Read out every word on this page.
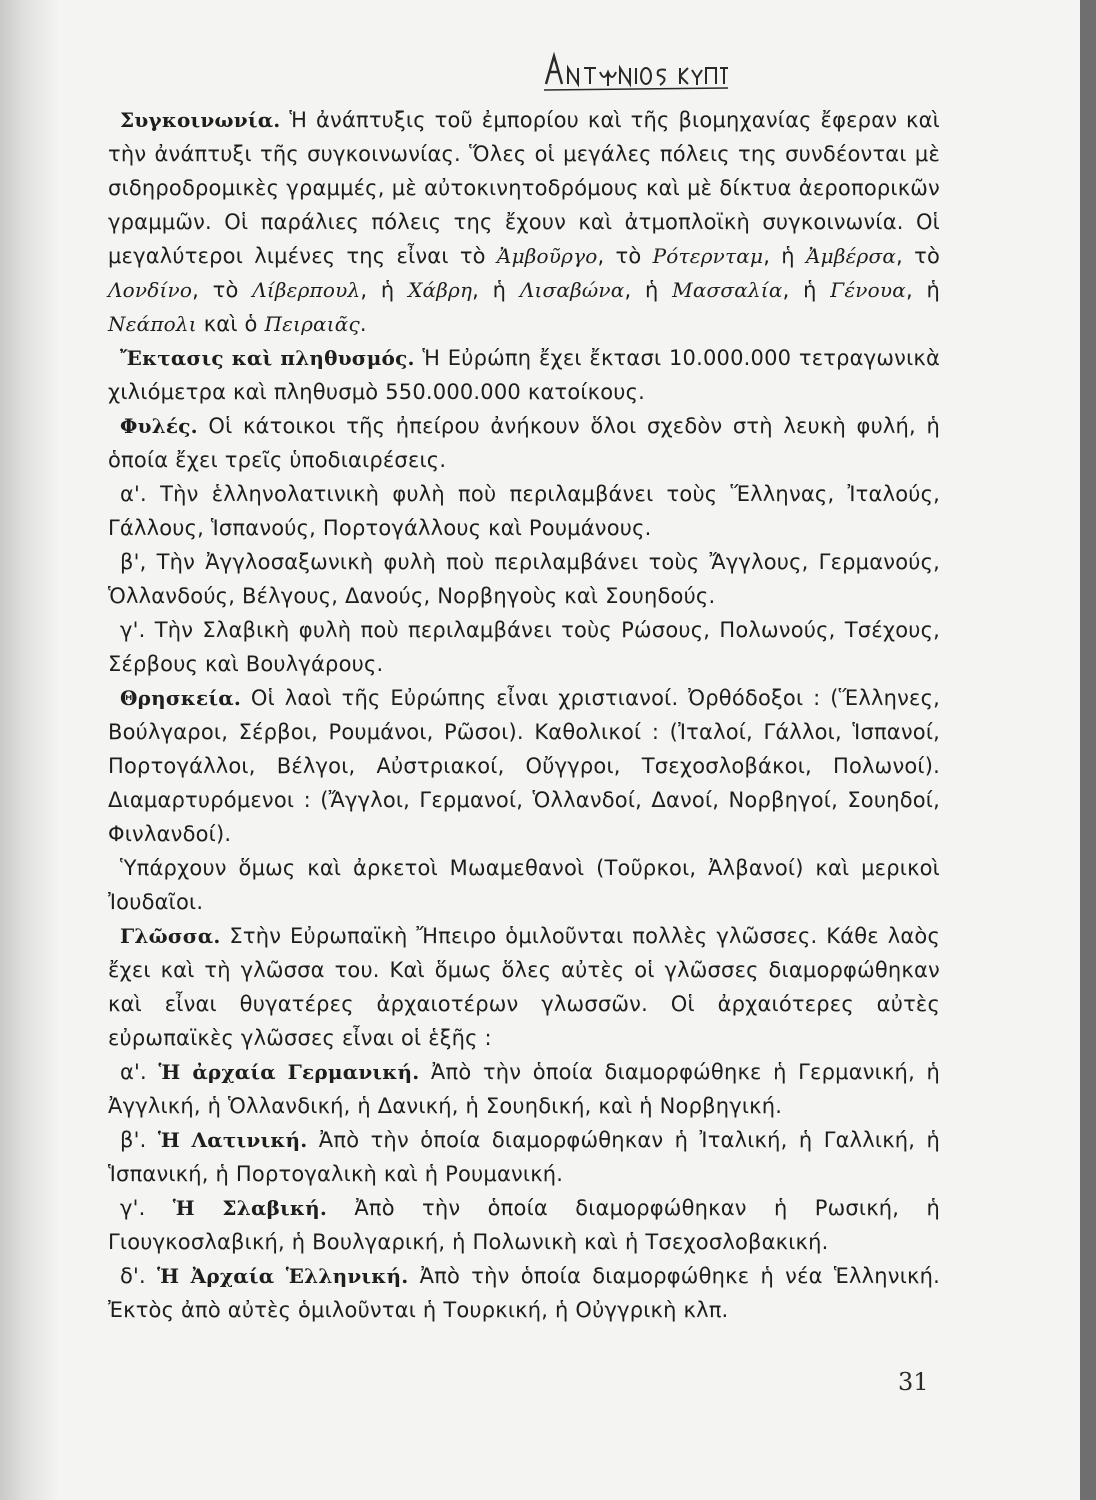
Συγκοινωνία. Ἡ ἀνάπτυξις τοῦ ἐμπορίου καὶ τῆς βιομηχανίας ἔφεραν καὶ τὴν ἀνάπτυξι τῆς συγκοινωνίας. Ὅλες οἱ μεγάλες πόλεις της συνδέονται μὲ σιδηροδρομικὲς γραμμές, μὲ αὐτοκινητοδρόμους καὶ μὲ δίκτυα ἀεροπορικῶν γραμμῶν. Οἱ παράλιες πόλεις της ἔχουν καὶ ἀτμοπλοϊκὴ συγκοινωνία. Οἱ μεγαλύτεροι λιμένες της εἶναι τὸ Ἀμβοῦργο, τὸ Ρότερνταμ, ἡ Ἀμβέρσα, τὸ Λονδίνο, τὸ Λίβερπουλ, ἡ Χάβρη, ἡ Λισαβώνα, ἡ Μασσαλία, ἡ Γένουα, ἡ Νεάπολι καὶ ὁ Πειραιᾶς.

Ἔκτασις καὶ πληθυσμός. Ἡ Εὐρώπη ἔχει ἔκτασι 10.000.000 τετραγωνικὰ χιλιόμετρα καὶ πληθυσμὸ 550.000.000 κατοίκους.

Φυλές. Οἱ κάτοικοι τῆς ἠπείρου ἀνήκουν ὅλοι σχεδὸν στὴ λευκὴ φυλή, ἡ ὁποία ἔχει τρεῖς ὑποδιαιρέσεις.

α'. Τὴν ἑλληνολατινικὴ φυλὴ ποὺ περιλαμβάνει τοὺς Ἕλληνας, Ἰταλούς, Γάλλους, Ἱσπανούς, Πορτογάλλους καὶ Ρουμάνους.

β', Τὴν Ἀγγλοσαξωνικὴ φυλὴ ποὺ περιλαμβάνει τοὺς Ἄγγλους, Γερμανούς, Ὁλλανδούς, Βέλγους, Δανούς, Νορβηγοὺς καὶ Σουηδούς.

γ'. Τὴν Σλαβικὴ φυλὴ ποὺ περιλαμβάνει τοὺς Ρώσους, Πολωνούς, Τσέχους, Σέρβους καὶ Βουλγάρους.

Θρησκεία. Οἱ λαοὶ τῆς Εὐρώπης εἶναι χριστιανοί. Ὀρθόδοξοι : (Ἕλληνες, Βούλγαροι, Σέρβοι, Ρουμάνοι, Ρῶσοι). Καθολικοί : (Ἰταλοί, Γάλλοι, Ἱσπανοί, Πορτογάλλοι, Βέλγοι, Αὐστριακοί, Οὔγγροι, Τσεχοσλοβάκοι, Πολωνοί). Διαμαρτυρόμενοι : (Ἄγγλοι, Γερμανοί, Ὁλλανδοί, Δανοί, Νορβηγοί, Σουηδοί, Φινλανδοί).

Ὑπάρχουν ὅμως καὶ ἀρκετοὶ Μωαμεθανοὶ (Τοῦρκοι, Ἀλβανοί) καὶ μερικοὶ Ἰουδαῖοι.

Γλῶσσα. Στὴν Εὐρωπαϊκὴ Ἤπειρο ὁμιλοῦνται πολλὲς γλῶσσες. Κάθε λαὸς ἔχει καὶ τὴ γλῶσσα του. Καὶ ὅμως ὅλες αὐτὲς οἱ γλῶσσες διαμορφώθηκαν καὶ εἶναι θυγατέρες ἀρχαιοτέρων γλωσσῶν. Οἱ ἀρχαιότερες αὐτὲς εὐρωπαϊκὲς γλῶσσες εἶναι οἱ ἑξῆς :

α'. Ἡ ἀρχαία Γερμανική. Ἀπὸ τὴν ὁποία διαμορφώθηκε ἡ Γερμανική, ἡ Ἀγγλική, ἡ Ὁλλανδική, ἡ Δανική, ἡ Σουηδική, καὶ ἡ Νορβηγική.

β'. Ἡ Λατινική. Ἀπὸ τὴν ὁποία διαμορφώθηκαν ἡ Ἰταλική, ἡ Γαλλική, ἡ Ἱσπανική, ἡ Πορτογαλικὴ καὶ ἡ Ρουμανική.

γ'. Ἡ Σλαβική. Ἀπὸ τὴν ὁποία διαμορφώθηκαν ἡ Ρωσική, ἡ Γιουγκοσλαβική, ἡ Βουλγαρική, ἡ Πολωνικὴ καὶ ἡ Τσεχοσλοβακική.

δ'. Ἡ Ἀρχαία Ἑλληνική. Ἀπὸ τὴν ὁποία διαμορφώθηκε ἡ νέα Ἑλληνική. Ἐκτὸς ἀπὸ αὐτὲς ὁμιλοῦνται ἡ Τουρκική, ἡ Οὐγγρικὴ κλπ.

31
